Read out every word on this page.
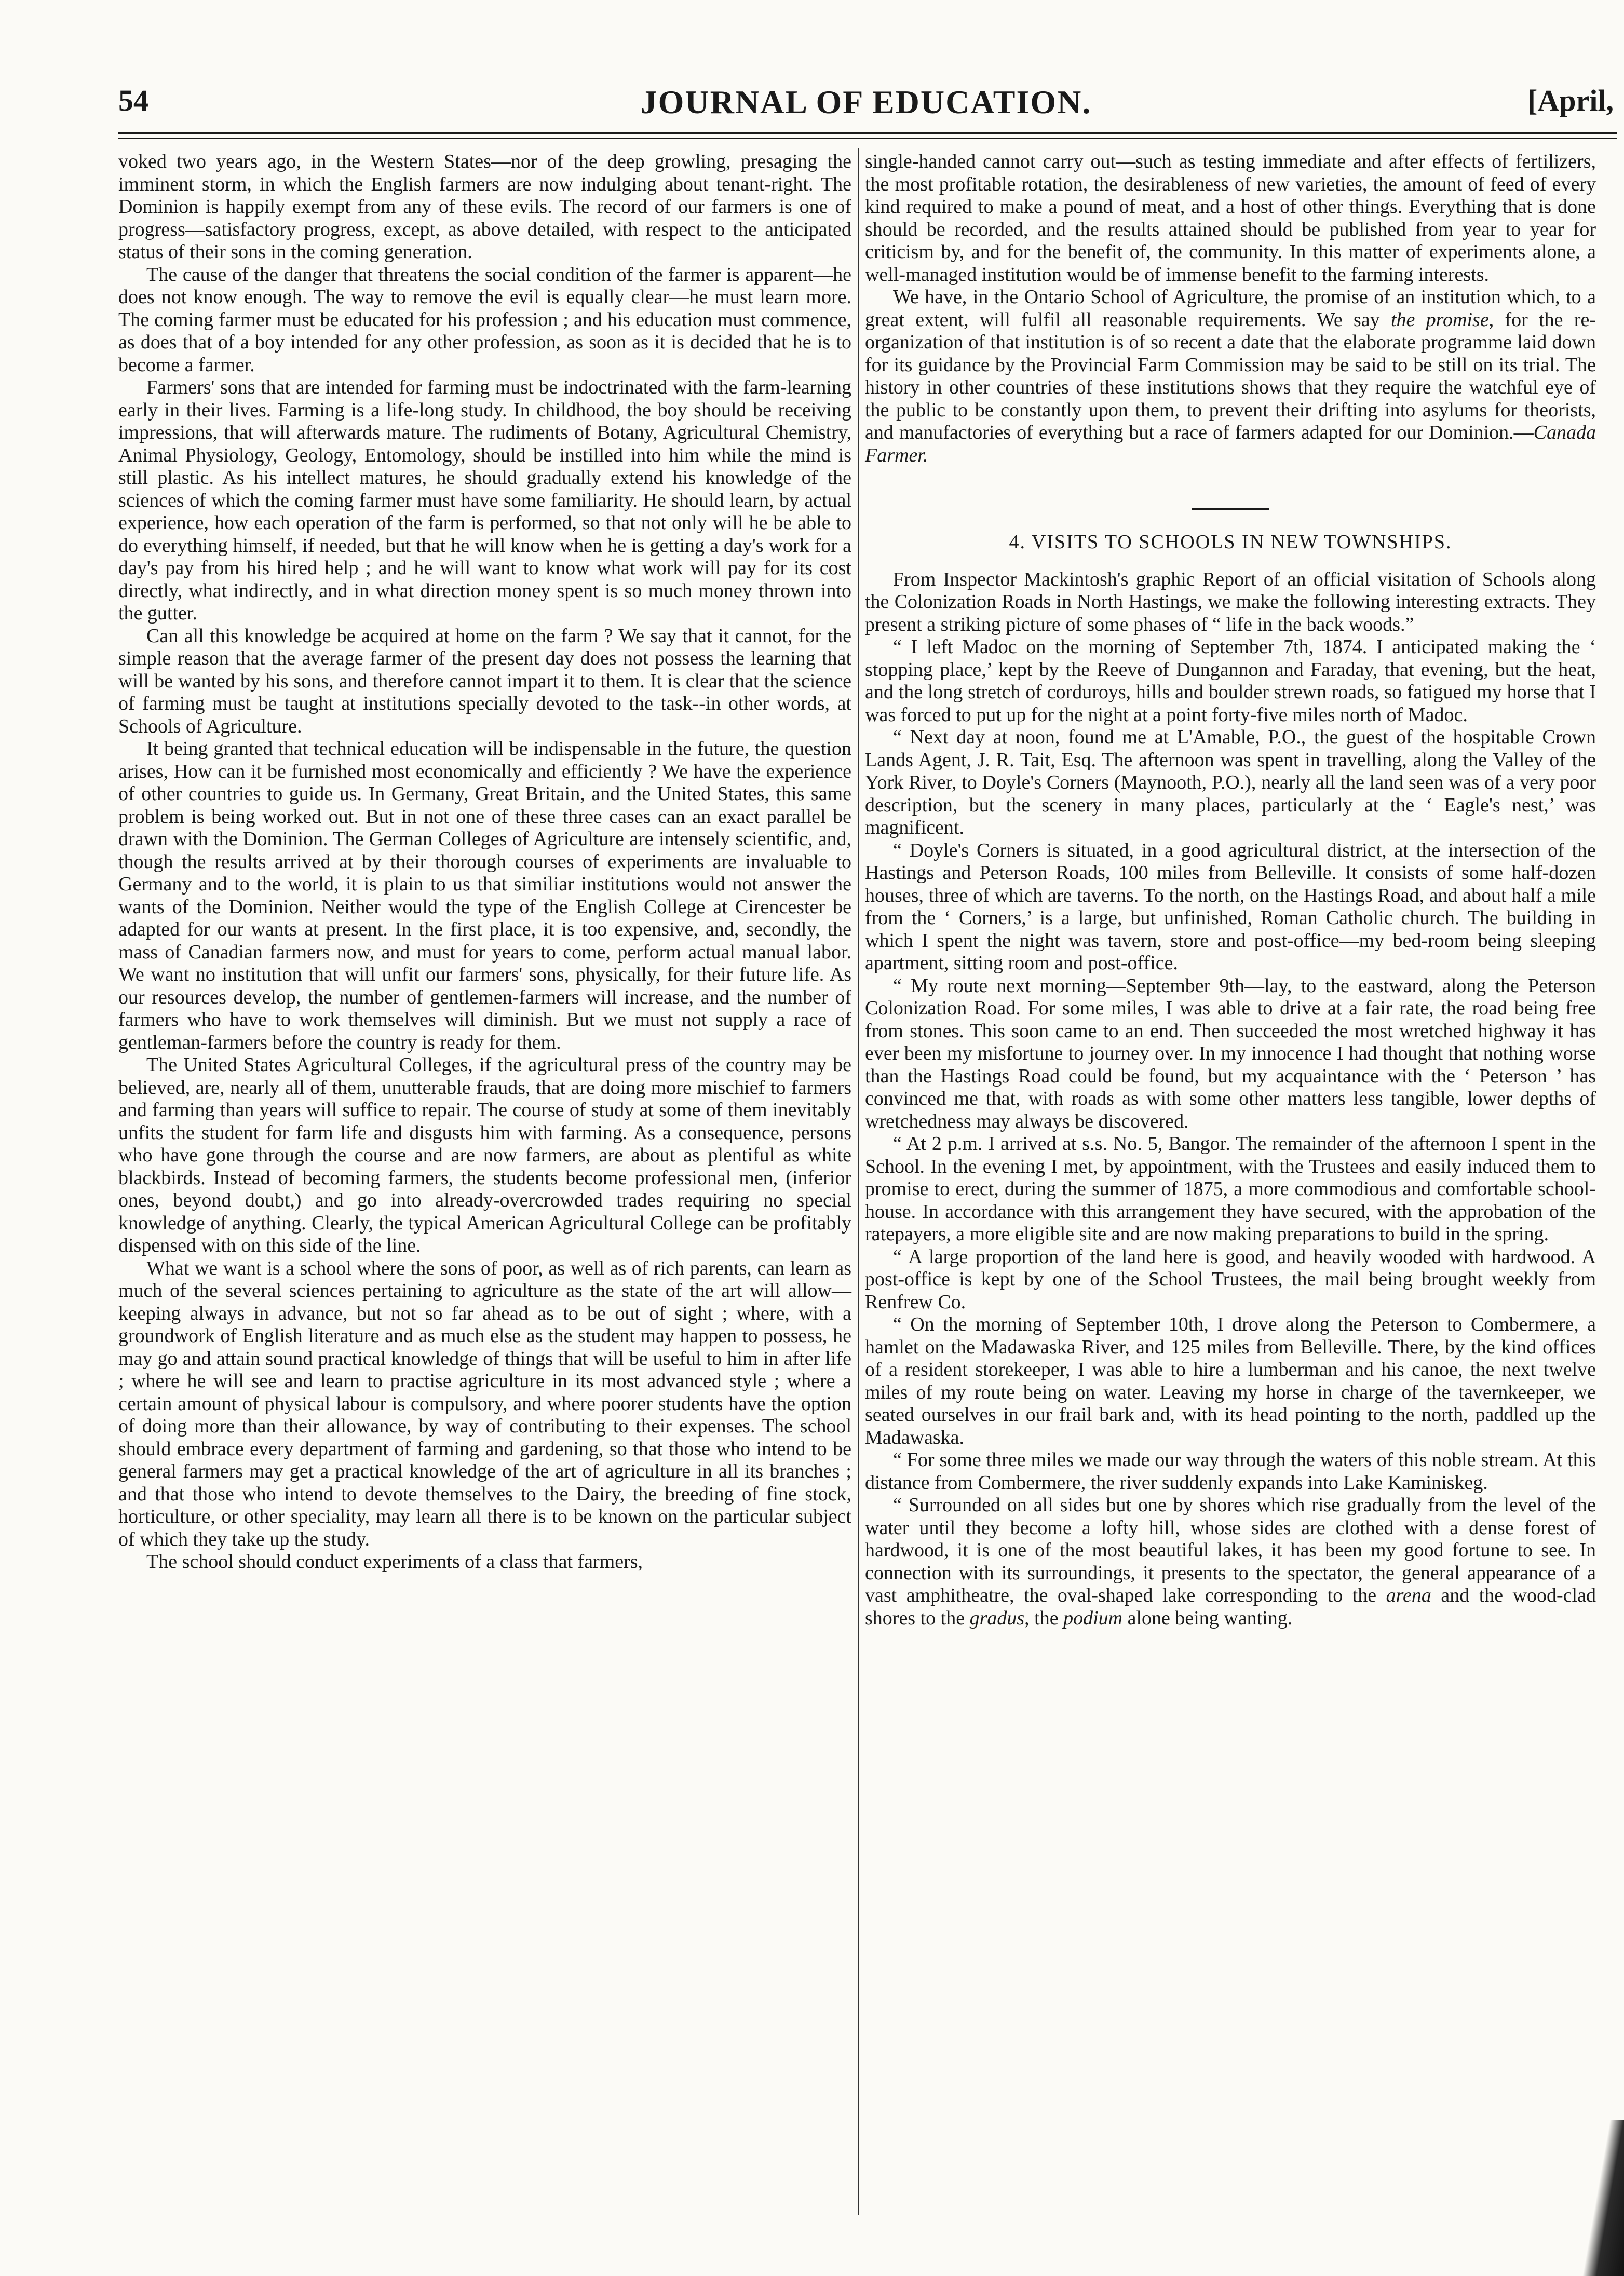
JOURNAL OF EDUCATION.
54	[April,

voked two years ago, in the Western States—nor of the deep growling, presaging the imminent storm, in which the English farmers are now indulging about tenant-right. The Dominion is happily exempt from any of these evils. The record of our farmers is one of progress—satisfactory progress, except, as above detailed, with respect to the anticipated status of their sons in the coming generation.

The cause of the danger that threatens the social condition of the farmer is apparent—he does not know enough. The way to remove the evil is equally clear—he must learn more. The coming farmer must be educated for his profession ; and his education must commence, as does that of a boy intended for any other profession, as soon as it is decided that he is to become a farmer.

Farmers' sons that are intended for farming must be indoctrinated with the farm-learning early in their lives. Farming is a life-long study. In childhood, the boy should be receiving impressions, that will afterwards mature. The rudiments of Botany, Agricultural Chemistry, Animal Physiology, Geology, Entomology, should be instilled into him while the mind is still plastic. As his intellect matures, he should gradually extend his knowledge of the sciences of which the coming farmer must have some familiarity. He should learn, by actual experience, how each operation of the farm is performed, so that not only will he be able to do everything himself, if needed, but that he will know when he is getting a day's work for a day's pay from his hired help ; and he will want to know what work will pay for its cost directly, what indirectly, and in what direction money spent is so much money thrown into the gutter.

Can all this knowledge be acquired at home on the farm ? We say that it cannot, for the simple reason that the average farmer of the present day does not possess the learning that will be wanted by his sons, and therefore cannot impart it to them. It is clear that the science of farming must be taught at institutions specially devoted to the task--in other words, at Schools of Agriculture.

It being granted that technical education will be indispensable in the future, the question arises, How can it be furnished most economically and efficiently ? We have the experience of other countries to guide us. In Germany, Great Britain, and the United States, this same problem is being worked out. But in not one of these three cases can an exact parallel be drawn with the Dominion. The German Colleges of Agriculture are intensely scientific, and, though the results arrived at by their thorough courses of experiments are invaluable to Germany and to the world, it is plain to us that similiar institutions would not answer the wants of the Dominion. Neither would the type of the English College at Cirencester be adapted for our wants at present. In the first place, it is too expensive, and, secondly, the mass of Canadian farmers now, and must for years to come, perform actual manual labor. We want no institution that will unfit our farmers' sons, physically, for their future life. As our resources develop, the number of gentlemen-farmers will increase, and the number of farmers who have to work themselves will diminish. But we must not supply a race of gentleman-farmers before the country is ready for them.

The United States Agricultural Colleges, if the agricultural press of the country may be believed, are, nearly all of them, unutterable frauds, that are doing more mischief to farmers and farming than years will suffice to repair. The course of study at some of them inevitably unfits the student for farm life and disgusts him with farming. As a consequence, persons who have gone through the course and are now farmers, are about as plentiful as white blackbirds. Instead of becoming farmers, the students become professional men, (inferior ones, beyond doubt,) and go into already-overcrowded trades requiring no special knowledge of anything. Clearly, the typical American Agricultural College can be profitably dispensed with on this side of the line.

What we want is a school where the sons of poor, as well as of rich parents, can learn as much of the several sciences pertaining to agriculture as the state of the art will allow—keeping always in advance, but not so far ahead as to be out of sight ; where, with a groundwork of English literature and as much else as the student may happen to possess, he may go and attain sound practical knowledge of things that will be useful to him in after life ; where he will see and learn to practise agriculture in its most advanced style ; where a certain amount of physical labour is compulsory, and where poorer students have the option of doing more than their allowance, by way of contributing to their expenses. The school should embrace every department of farming and gardening, so that those who intend to be general farmers may get a practical knowledge of the art of agriculture in all its branches ; and that those who intend to devote themselves to the Dairy, the breeding of fine stock, horticulture, or other speciality, may learn all there is to be known on the particular subject of which they take up the study.

The school should conduct experiments of a class that farmers,

single-handed cannot carry out—such as testing immediate and after effects of fertilizers, the most profitable rotation, the desirableness of new varieties, the amount of feed of every kind required to make a pound of meat, and a host of other things. Everything that is done should be recorded, and the results attained should be published from year to year for criticism by, and for the benefit of, the community. In this matter of experiments alone, a well-managed institution would be of immense benefit to the farming interests.

We have, in the Ontario School of Agriculture, the promise of an institution which, to a great extent, will fulfil all reasonable requirements. We say the promise, for the re-organization of that institution is of so recent a date that the elaborate programme laid down for its guidance by the Provincial Farm Commission may be said to be still on its trial. The history in other countries of these institutions shows that they require the watchful eye of the public to be constantly upon them, to prevent their drifting into asylums for theorists, and manufactories of everything but a race of farmers adapted for our Dominion.—Canada Farmer.

4. VISITS TO SCHOOLS IN NEW TOWNSHIPS.

From Inspector Mackintosh's graphic Report of an official visitation of Schools along the Colonization Roads in North Hastings, we make the following interesting extracts. They present a striking picture of some phases of “ life in the back woods.”

“ I left Madoc on the morning of September 7th, 1874. I anticipated making the ‘ stopping place,’ kept by the Reeve of Dungannon and Faraday, that evening, but the heat, and the long stretch of corduroys, hills and boulder strewn roads, so fatigued my horse that I was forced to put up for the night at a point forty-five miles north of Madoc.

“ Next day at noon, found me at L'Amable, P.O., the guest of the hospitable Crown Lands Agent, J. R. Tait, Esq. The afternoon was spent in travelling, along the Valley of the York River, to Doyle's Corners (Maynooth, P.O.), nearly all the land seen was of a very poor description, but the scenery in many places, particularly at the ‘ Eagle's nest,’ was magnificent.

“ Doyle's Corners is situated, in a good agricultural district, at the intersection of the Hastings and Peterson Roads, 100 miles from Belleville. It consists of some half-dozen houses, three of which are taverns. To the north, on the Hastings Road, and about half a mile from the ‘ Corners,’ is a large, but unfinished, Roman Catholic church. The building in which I spent the night was tavern, store and post-office—my bed-room being sleeping apartment, sitting room and post-office.

“ My route next morning—September 9th—lay, to the eastward, along the Peterson Colonization Road. For some miles, I was able to drive at a fair rate, the road being free from stones. This soon came to an end. Then succeeded the most wretched highway it has ever been my misfortune to journey over. In my innocence I had thought that nothing worse than the Hastings Road could be found, but my acquaintance with the ‘ Peterson ’ has convinced me that, with roads as with some other matters less tangible, lower depths of wretchedness may always be discovered.

“ At 2 p.m. I arrived at s.s. No. 5, Bangor. The remainder of the afternoon I spent in the School. In the evening I met, by appointment, with the Trustees and easily induced them to promise to erect, during the summer of 1875, a more commodious and comfortable school-house. In accordance with this arrangement they have secured, with the approbation of the ratepayers, a more eligible site and are now making preparations to build in the spring.

“ A large proportion of the land here is good, and heavily wooded with hardwood. A post-office is kept by one of the School Trustees, the mail being brought weekly from Renfrew Co.

“ On the morning of September 10th, I drove along the Peterson to Combermere, a hamlet on the Madawaska River, and 125 miles from Belleville. There, by the kind offices of a resident storekeeper, I was able to hire a lumberman and his canoe, the next twelve miles of my route being on water. Leaving my horse in charge of the tavernkeeper, we seated ourselves in our frail bark and, with its head pointing to the north, paddled up the Madawaska.

“ For some three miles we made our way through the waters of this noble stream. At this distance from Combermere, the river suddenly expands into Lake Kaminiskeg.

“ Surrounded on all sides but one by shores which rise gradually from the level of the water until they become a lofty hill, whose sides are clothed with a dense forest of hardwood, it is one of the most beautiful lakes, it has been my good fortune to see. In connection with its surroundings, it presents to the spectator, the general appearance of a vast amphitheatre, the oval-shaped lake corresponding to the arena and the wood-clad shores to the gradus, the podium alone being wanting.
